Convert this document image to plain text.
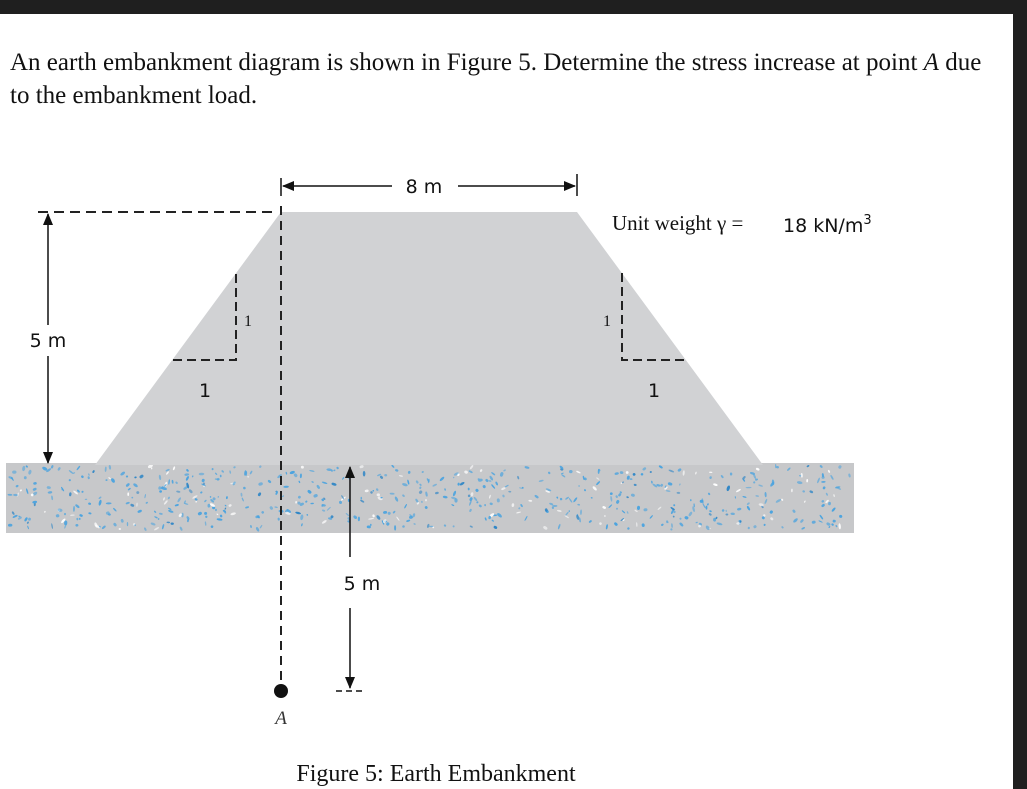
An earth embankment diagram is shown in Figure 5. Determine the stress increase at point A due to the embankment load.
5 m
8 m
Unit weight γ = 18 $kN/m^3$
1
1
1
1
A
5 m
Figure 5: Earth Embankment
